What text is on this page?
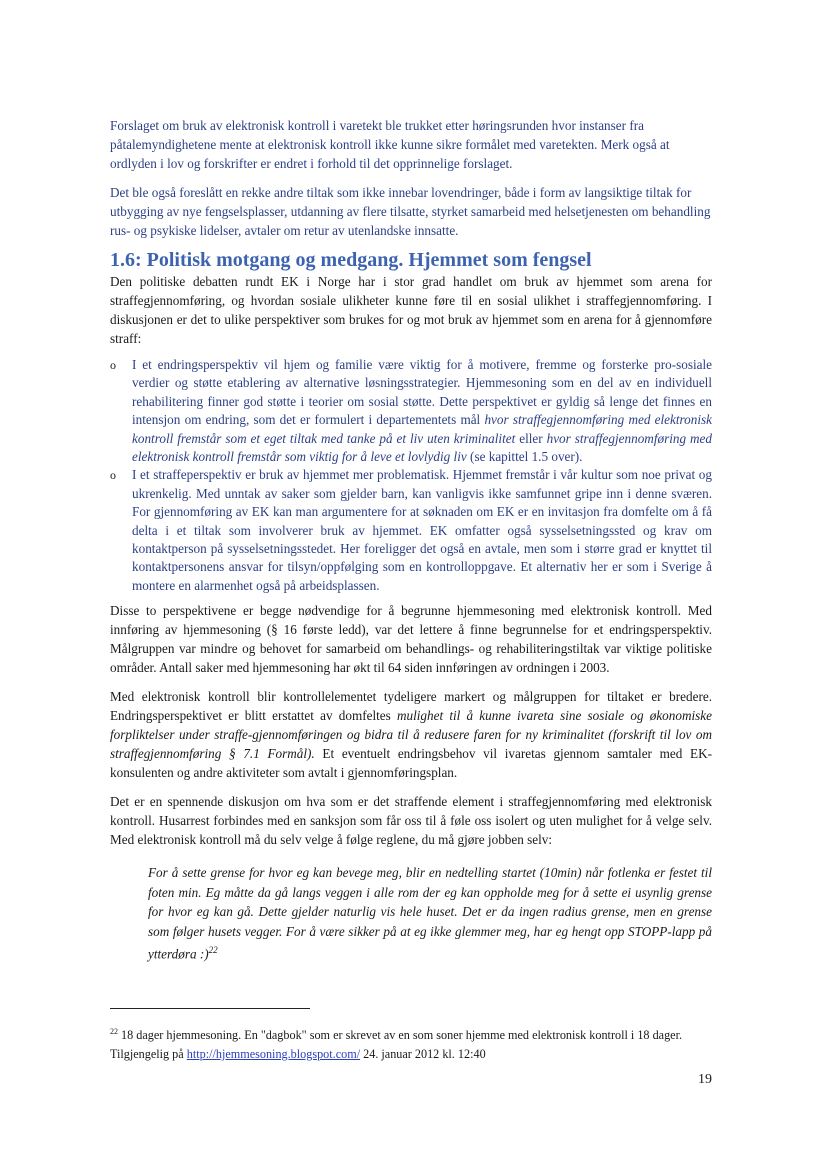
Forslaget om bruk av elektronisk kontroll i varetekt ble trukket etter høringsrunden hvor instanser fra påtalemyndighetene mente at elektronisk kontroll ikke kunne sikre formålet med varetekten. Merk også at ordlyden i lov og forskrifter er endret i forhold til det opprinnelige forslaget.

Det ble også foreslått en rekke andre tiltak som ikke innebar lovendringer, både i form av langsiktige tiltak for utbygging av nye fengselsplasser, utdanning av flere tilsatte, styrket samarbeid med helsetjenesten om behandling rus- og psykiske lidelser, avtaler om retur av utenlandske innsatte.

1.6: Politisk motgang og medgang. Hjemmet som fengsel

Den politiske debatten rundt EK i Norge har i stor grad handlet om bruk av hjemmet som arena for straffegjennomføring, og hvordan sosiale ulikheter kunne føre til en sosial ulikhet i straffegjennomføring. I diskusjonen er det to ulike perspektiver som brukes for og mot bruk av hjemmet som en arena for å gjennomføre straff:

o I et endringsperspektiv vil hjem og familie være viktig for å motivere, fremme og forsterke pro-sosiale verdier og støtte etablering av alternative løsningsstrategier. Hjemmesoning som en del av en individuell rehabilitering finner god støtte i teorier om sosial støtte. Dette perspektivet er gyldig så lenge det finnes en intensjon om endring, som det er formulert i departementets mål hvor straffegjennomføring med elektronisk kontroll fremstår som et eget tiltak med tanke på et liv uten kriminalitet eller hvor straffegjennomføring med elektronisk kontroll fremstår som viktig for å leve et lovlydig liv (se kapittel 1.5 over).
o I et straffeperspektiv er bruk av hjemmet mer problematisk. Hjemmet fremstår i vår kultur som noe privat og ukrenkelig. Med unntak av saker som gjelder barn, kan vanligvis ikke samfunnet gripe inn i denne sværen. For gjennomføring av EK kan man argumentere for at søknaden om EK er en invitasjon fra domfelte om å få delta i et tiltak som involverer bruk av hjemmet. EK omfatter også sysselsetningssted og krav om kontaktperson på sysselsetningsstedet. Her foreligger det også en avtale, men som i større grad er knyttet til kontaktpersonens ansvar for tilsyn/oppfølging som en kontrolloppgave. Et alternativ her er som i Sverige å montere en alarmenhet også på arbeidsplassen.

Disse to perspektivene er begge nødvendige for å begrunne hjemmesoning med elektronisk kontroll. Med innføring av hjemmesoning (§ 16 første ledd), var det lettere å finne begrunnelse for et endringsperspektiv. Målgruppen var mindre og behovet for samarbeid om behandlings- og rehabiliteringstiltak var viktige politiske områder. Antall saker med hjemmesoning har økt til 64 siden innføringen av ordningen i 2003.

Med elektronisk kontroll blir kontrollelementet tydeligere markert og målgruppen for tiltaket er bredere. Endringsperspektivet er blitt erstattet av domfeltes mulighet til å kunne ivareta sine sosiale og økonomiske forpliktelser under straffe-gjennomføringen og bidra til å redusere faren for ny kriminalitet (forskrift til lov om straffegjennomføring § 7.1 Formål). Et eventuelt endringsbehov vil ivaretas gjennom samtaler med EK-konsulenten og andre aktiviteter som avtalt i gjennomføringsplan.

Det er en spennende diskusjon om hva som er det straffende element i straffegjennomføring med elektronisk kontroll. Husarrest forbindes med en sanksjon som får oss til å føle oss isolert og uten mulighet for å velge selv. Med elektronisk kontroll må du selv velge å følge reglene, du må gjøre jobben selv:

For å sette grense for hvor eg kan bevege meg, blir en nedtelling startet (10min) når fotlenka er festet til foten min. Eg måtte da gå langs veggen i alle rom der eg kan oppholde meg for å sette ei usynlig grense for hvor eg kan gå. Dette gjelder naturlig vis hele huset. Det er da ingen radius grense, men en grense som følger husets vegger. For å være sikker på at eg ikke glemmer meg, har eg hengt opp STOPP-lapp på ytterdøra :)$^{22}$

$^{22}$ 18 dager hjemmesoning. En "dagbok" som er skrevet av en som soner hjemme med elektronisk kontroll i 18 dager. Tilgjengelig på http://hjemmesoning.blogspot.com/ 24. januar 2012 kl. 12:40

19
